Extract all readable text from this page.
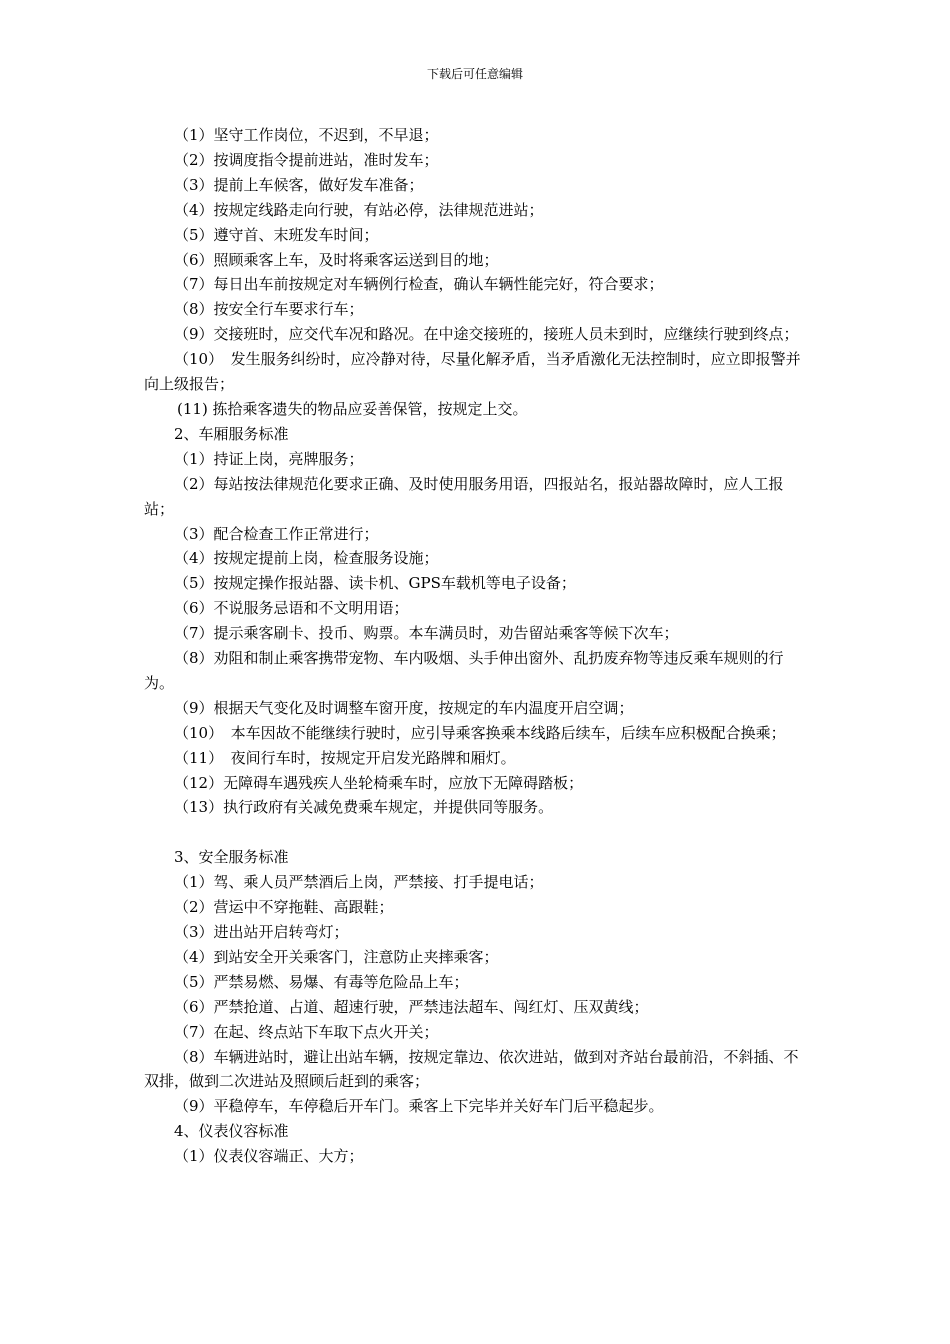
下载后可任意编辑
（1）坚守工作岗位，不迟到，不早退；
（2）按调度指令提前进站，准时发车；
（3）提前上车候客，做好发车准备；
（4）按规定线路走向行驶，有站必停，法律规范进站；
（5）遵守首、末班发车时间；
（6）照顾乘客上车，及时将乘客运送到目的地；
（7）每日出车前按规定对车辆例行检查，确认车辆性能完好，符合要求；
（8）按安全行车要求行车；
（9）交接班时，应交代车况和路况。在中途交接班的，接班人员未到时，应继续行驶到终点；
（10）　发生服务纠纷时，应冷静对待，尽量化解矛盾，当矛盾激化无法控制时，应立即报警并向上级报告；
(11) 拣拾乘客遗失的物品应妥善保管，按规定上交。
2、车厢服务标准
（1）持证上岗，亮牌服务；
（2）每站按法律规范化要求正确、及时使用服务用语，四报站名，报站器故障时，应人工报站；
（3）配合检查工作正常进行；
（4）按规定提前上岗，检查服务设施；
（5）按规定操作报站器、读卡机、GPS车载机等电子设备；
（6）不说服务忌语和不文明用语；
（7）提示乘客刷卡、投币、购票。本车满员时，劝告留站乘客等候下次车；
（8）劝阻和制止乘客携带宠物、车内吸烟、头手伸出窗外、乱扔废弃物等违反乘车规则的行为。
（9）根据天气变化及时调整车窗开度，按规定的车内温度开启空调；
（10）　本车因故不能继续行驶时，应引导乘客换乘本线路后续车，后续车应积极配合换乘；
（11）　夜间行车时，按规定开启发光路牌和厢灯。
（12）无障碍车遇残疾人坐轮椅乘车时，应放下无障碍踏板；
（13）执行政府有关减免费乘车规定，并提供同等服务。
3、安全服务标准
（1）驾、乘人员严禁酒后上岗，严禁接、打手提电话；
（2）营运中不穿拖鞋、高跟鞋；
（3）进出站开启转弯灯；
（4）到站安全开关乘客门，注意防止夹摔乘客；
（5）严禁易燃、易爆、有毒等危险品上车；
（6）严禁抢道、占道、超速行驶，严禁违法超车、闯红灯、压双黄线；
（7）在起、终点站下车取下点火开关；
（8）车辆进站时，避让出站车辆，按规定靠边、依次进站，做到对齐站台最前沿，不斜插、不双排，做到二次进站及照顾后赶到的乘客；
（9）平稳停车，车停稳后开车门。乘客上下完毕并关好车门后平稳起步。
4、仪表仪容标准
（1）仪表仪容端正、大方；
